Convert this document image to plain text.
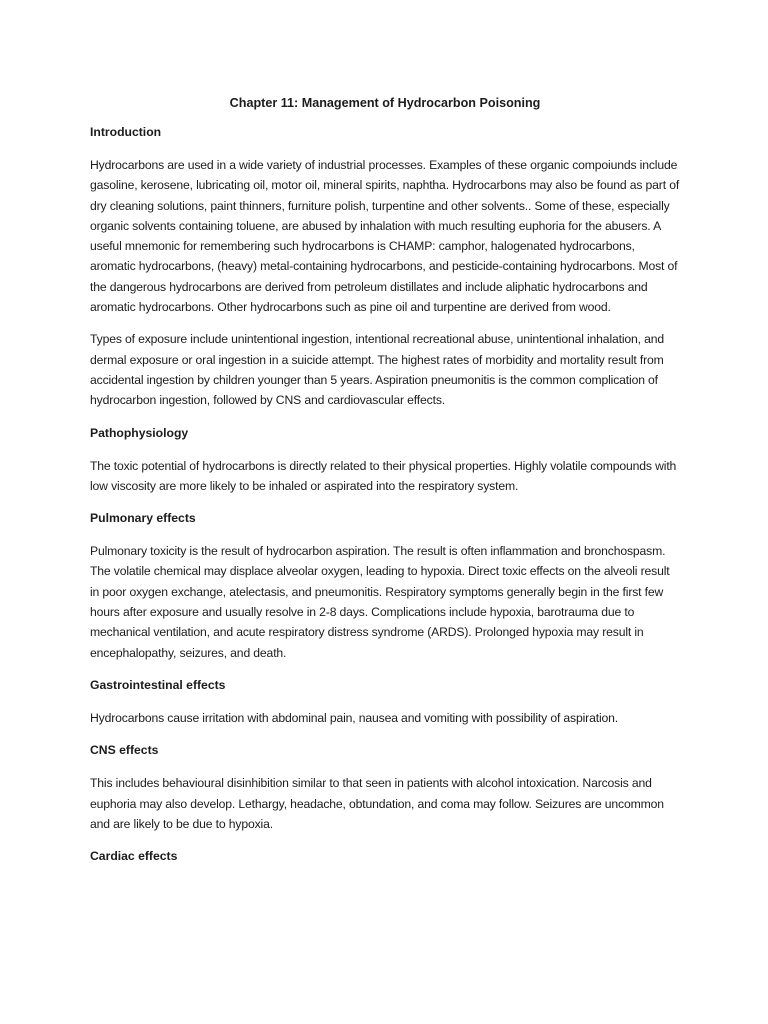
Chapter 11: Management of Hydrocarbon Poisoning
Introduction

Hydrocarbons are used in a wide variety of industrial processes. Examples of these organic compoiunds include gasoline, kerosene, lubricating oil, motor oil, mineral spirits, naphtha. Hydrocarbons may also be found as part of dry cleaning solutions, paint thinners, furniture polish, turpentine and other solvents.. Some of these, especially organic solvents containing toluene, are abused by inhalation with much resulting euphoria for the abusers. A useful mnemonic for remembering such hydrocarbons is CHAMP: camphor, halogenated hydrocarbons, aromatic hydrocarbons, (heavy) metal-containing hydrocarbons, and pesticide-containing hydrocarbons. Most of the dangerous hydrocarbons are derived from petroleum distillates and include aliphatic hydrocarbons and aromatic hydrocarbons. Other hydrocarbons such as pine oil and turpentine are derived from wood.

Types of exposure include unintentional ingestion, intentional recreational abuse, unintentional inhalation, and dermal exposure or oral ingestion in a suicide attempt. The highest rates of morbidity and mortality result from accidental ingestion by children younger than 5 years. Aspiration pneumonitis is the common complication of hydrocarbon ingestion, followed by CNS and cardiovascular effects.

Pathophysiology

The toxic potential of hydrocarbons is directly related to their physical properties. Highly volatile compounds with low viscosity are more likely to be inhaled or aspirated into the respiratory system.

Pulmonary effects

Pulmonary toxicity is the result of hydrocarbon aspiration. The result is often inflammation and bronchospasm. The volatile chemical may displace alveolar oxygen, leading to hypoxia. Direct toxic effects on the alveoli result in poor oxygen exchange, atelectasis, and pneumonitis. Respiratory symptoms generally begin in the first few hours after exposure and usually resolve in 2-8 days. Complications include hypoxia, barotrauma due to mechanical ventilation, and acute respiratory distress syndrome (ARDS). Prolonged hypoxia may result in encephalopathy, seizures, and death.

Gastrointestinal effects

Hydrocarbons cause irritation with abdominal pain, nausea and vomiting with possibility of aspiration.

CNS effects

This includes behavioural disinhibition similar to that seen in patients with alcohol intoxication. Narcosis and euphoria may also develop. Lethargy, headache, obtundation, and coma may follow. Seizures are uncommon and are likely to be due to hypoxia.

Cardiac effects
